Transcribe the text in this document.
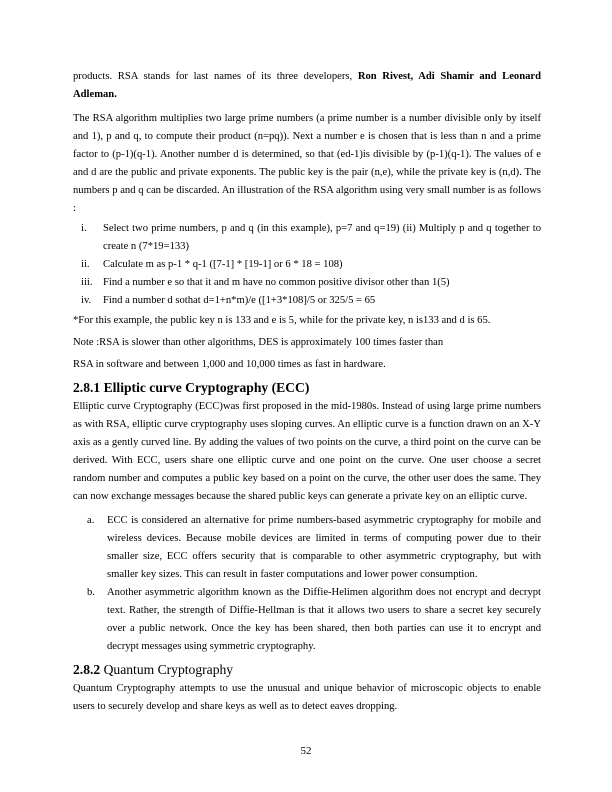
products. RSA stands for last names of its three developers, Ron Rivest, Adi Shamir and Leonard Adleman.

The RSA algorithm multiplies two large prime numbers (a prime number is a number divisible only by itself and 1), p and q, to compute their product (n=pq)). Next a number e is chosen that is less than n and a prime factor to (p-1)(q-1). Another number d is determined, so that (ed-1)is divisible by (p-1)(q-1). The values of e and d are the public and private exponents. The public key is the pair (n,e), while the private key is (n,d). The numbers p and q can be discarded. An illustration of the RSA algorithm using very small number is as follows :

i.	Select two prime numbers, p and q (in this example), p=7 and q=19) (ii) Multiply p and q together to create n (7*19=133)
ii.	Calculate m as p-1 * q-1 ([7-1] * [19-1] or 6 * 18 = 108)
iii. Find a number e so that it and m have no common positive divisor other than 1(5)
iv.	Find a number d sothat d=1+n*m)/e ([1+3*108]/5 or 325/5 = 65

*For this example, the public key n is 133 and e is 5, while for the private key, n is133 and d is 65.

Note :RSA is slower than other algorithms, DES is approximately 100 times faster than

RSA in software and between 1,000 and 10,000 times as fast in hardware.

2.8.1 Elliptic curve Cryptography (ECC)

Elliptic curve Cryptography (ECC)was first proposed in the mid-1980s. Instead of using large prime numbers as with RSA, elliptic curve cryptography uses sloping curves. An elliptic curve is a function drawn on an X-Y axis as a gently curved line. By adding the values of two points on the curve, a third point on the curve can be derived. With ECC, users share one elliptic curve and one point on the curve. One user choose a secret random number and computes a public key based on a point on the curve, the other user does the same. They can now exchange messages because the shared public keys can generate a private key on an elliptic curve.

a.	ECC is considered an alternative for prime numbers-based asymmetric cryptography for mobile and wireless devices. Because mobile devices are limited in terms of computing power due to their smaller size, ECC offers security that is comparable to other asymmetric cryptography, but with smaller key sizes. This can result in faster computations and lower power consumption.
b.	Another asymmetric algorithm known as the Diffie-Helimen algorithm does not encrypt and decrypt text. Rather, the strength of Diffie-Hellman is that it allows two users to share a secret key securely over a public network. Once the key has been shared, then both parties can use it to encrypt and decrypt messages using symmetric cryptography.
2.8.2 Quantum Cryptography

Quantum Cryptography attempts to use the unusual and unique behavior of microscopic objects to enable users to securely develop and share keys as well as to detect eaves dropping.

52
